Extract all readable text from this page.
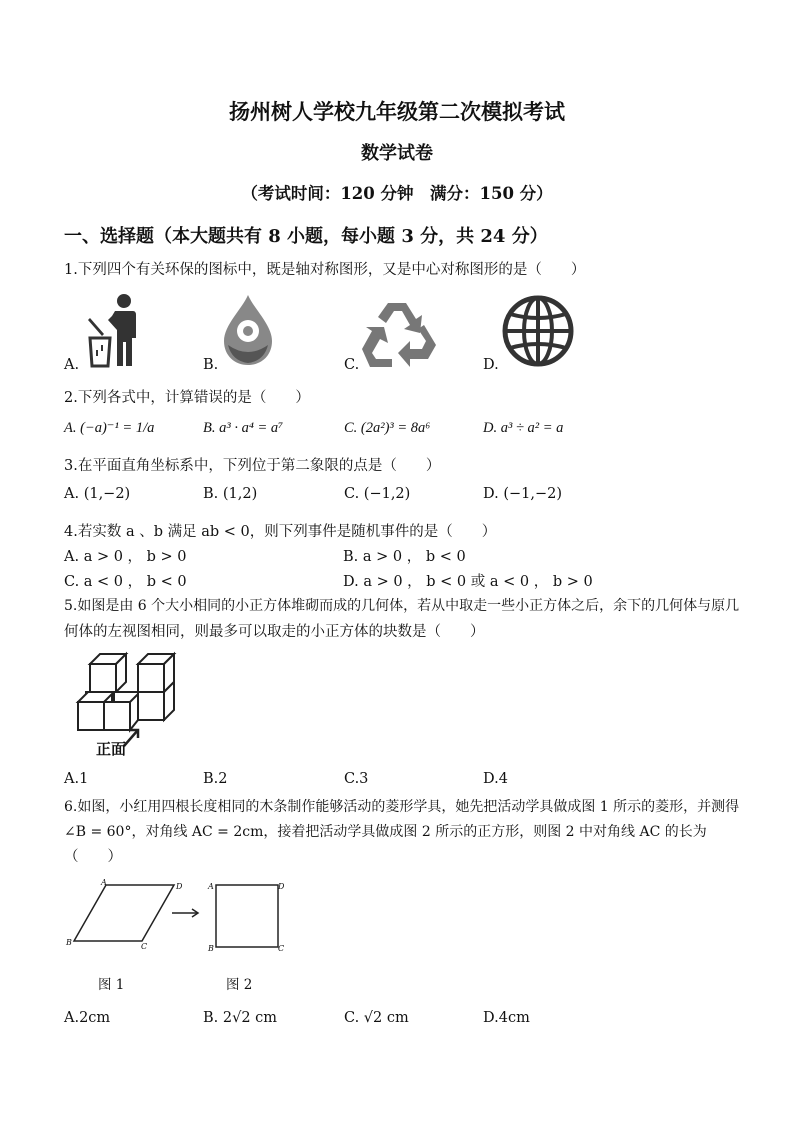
扬州树人学校九年级第二次模拟考试
数学试卷
（考试时间：120 分钟　满分：150 分）
一、选择题（本大题共有 8 小题，每小题 3 分，共 24 分）
1.下列四个有关环保的图标中，既是轴对称图形，又是中心对称图形的是（　　）
A.	B.	C.	D.
2.下列各式中，计算错误的是（　　）
A. (−a)⁻¹ = 1/a	B. a³ · a⁴ = a⁷	C. (2a²)³ = 8a⁶	D. a³ ÷ a² = a
3.在平面直角坐标系中，下列位于第二象限的点是（　　）
A. (1,−2)	B. (1,2)	C. (−1,2)	D. (−1,−2)
4.若实数 a 、b 满足 ab < 0，则下列事件是随机事件的是（　　）
A. a > 0 ， b > 0	B. a > 0 ， b < 0
C. a < 0 ， b < 0	D. a > 0 ， b < 0 或 a < 0 ， b > 0
5.如图是由 6 个大小相同的小正方体堆砌而成的几何体，若从中取走一些小正方体之后，余下的几何体与原几
何体的左视图相同，则最多可以取走的小正方体的块数是（　　）
正面
A.1	B.2	C.3	D.4
6.如图，小红用四根长度相同的木条制作能够活动的菱形学具，她先把活动学具做成图 1 所示的菱形，并测得
∠B = 60°，对角线 AC = 2cm，接着把活动学具做成图 2 所示的正方形，则图 2 中对角线 AC 的长为
（　　）
A
B	C
D	A
B	C
D
图 1	图 2
A.2cm	B. 2√2 cm	C. √2 cm	D.4cm
